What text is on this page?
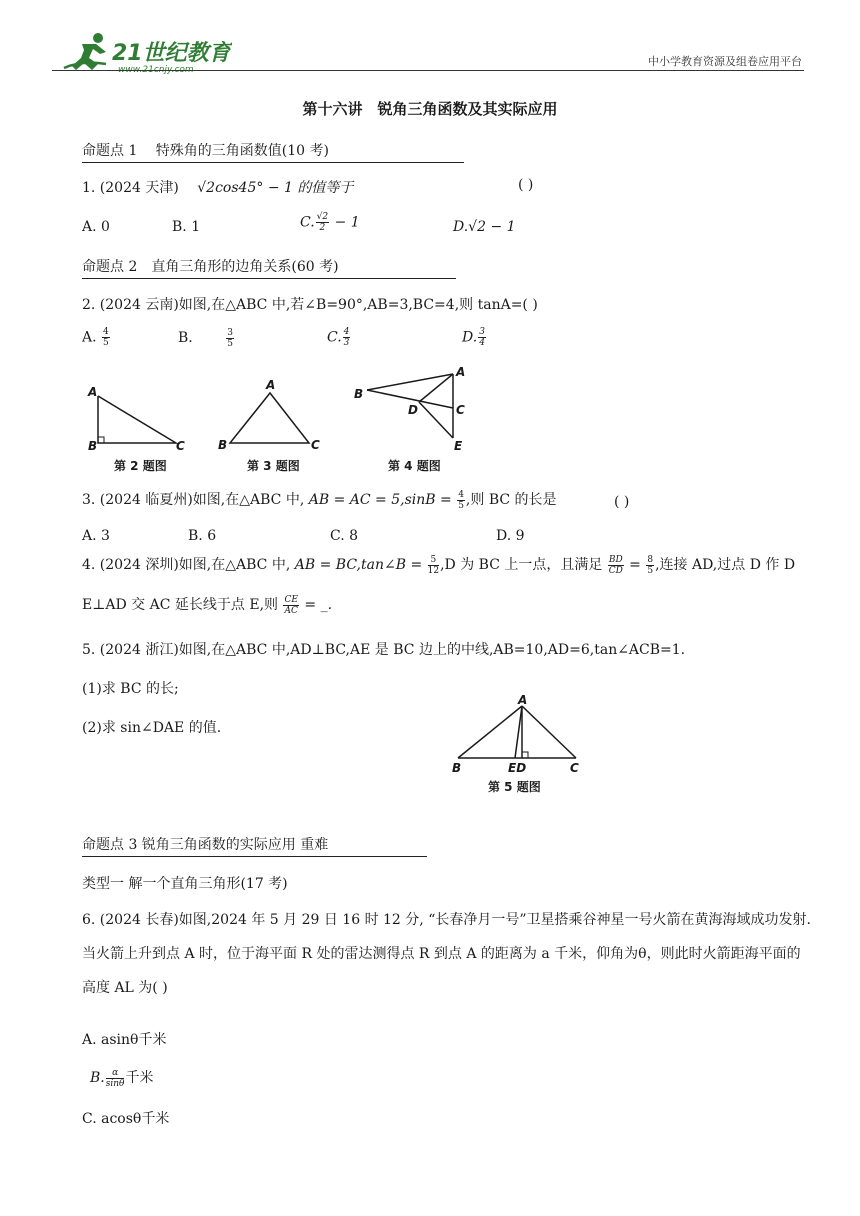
21世纪教育
www.21cnjy.com
中小学教育资源及组卷应用平台
第十六讲　锐角三角函数及其实际应用
命题点 1　 特殊角的三角函数值(10 考)
1. (2024 天津)　 √2cos45° − 1 的值等于	( )
A. 0	B. 1	C. $\frac{√2}{2} - 1$	D.√2 − 1
命题点 2　直角三角形的边角关系(60 考)
2. (2024 云南)如图,在△ABC 中,若∠B=90°,AB=3,BC=4,则 tanA=( )
A. $\frac{4}{5}$	B.　　	$\frac{3}{5}$	C. $\frac{4}{3}$	D. $\frac{3}{4}$
A
B	C
第 2 题图
A
B	C
第 3 题图
A
B
C
D
E
第 4 题图
3. (2024 临夏州)如图,在△ABC 中, AB = AC = $5,\sin B = \frac{4}{5}$ ,则 BC 的长是	( )
A. 3	B. 6	C. 8	D. 9
4. (2024 深圳)如图,在△ABC 中, AB = BC,tan∠B = $\frac{5}{12} ,D$ 为 BC 上一点，且满足 $\frac{BD}{CD} = \frac{8}{5}$ ,连接 AD,过点 D 作 D
E⊥AD 交 AC 延长线于点 E,则 $\frac{CE}{AC}$ = _.
5. (2024 浙江)如图,在△ABC 中,AD⊥BC,AE 是 BC 边上的中线,AB=10,AD=6,tan∠ACB=1.
(1)求 BC 的长;
(2)求 sin∠DAE 的值.
A
B	ED	C
第 5 题图
命题点 3 锐角三角函数的实际应用 重难
类型一 解一个直角三角形(17 考)
6. (2024 长春)如图,2024 年 5 月 29 日 16 时 12 分, “长春净月一号”卫星搭乘谷神星一号火箭在黄海海域成功发射.当火箭上升到点 A 时，位于海平面 R 处的雷达测得点 R 到点 A 的距离为 a 千米，仰角为θ，则此时火箭距海平面的高度 AL 为( )
A. asinθ千米
B. $\frac{\alpha}{\sin\theta}$ 千米
C. acosθ千米
